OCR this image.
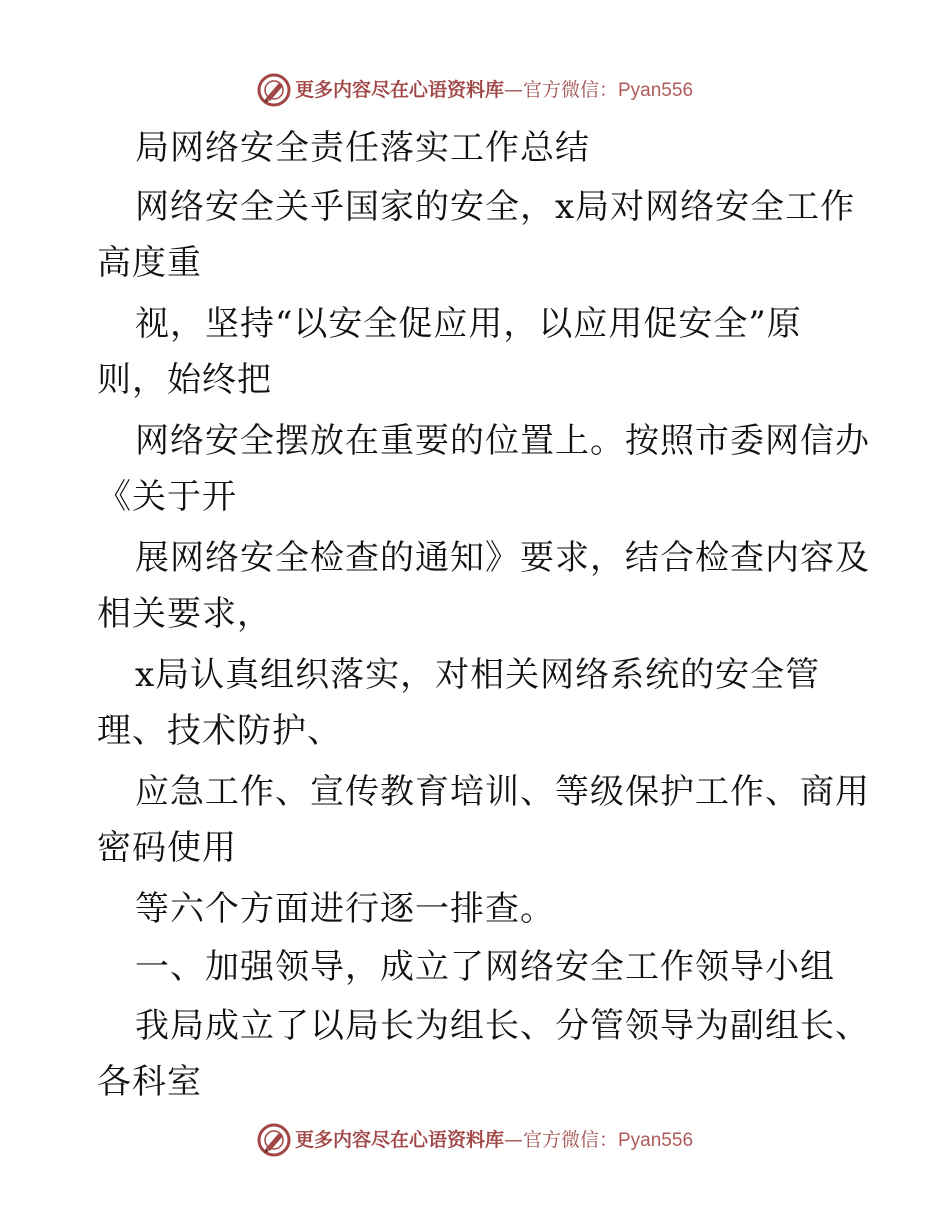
更多内容尽在心语资料库—官方微信：Pyan556
局网络安全责任落实工作总结
网络安全关乎国家的安全，x局对网络安全工作
高度重
视，坚持“以安全促应用，以应用促安全”原
则，始终把
网络安全摆放在重要的位置上。按照市委网信办
《关于开
展网络安全检查的通知》要求，结合检查内容及
相关要求，
x局认真组织落实，对相关网络系统的安全管
理、技术防护、
应急工作、宣传教育培训、等级保护工作、商用
密码使用
等六个方面进行逐一排查。
一、加强领导，成立了网络安全工作领导小组
我局成立了以局长为组长、分管领导为副组长、
各科室
更多内容尽在心语资料库—官方微信：Pyan556
